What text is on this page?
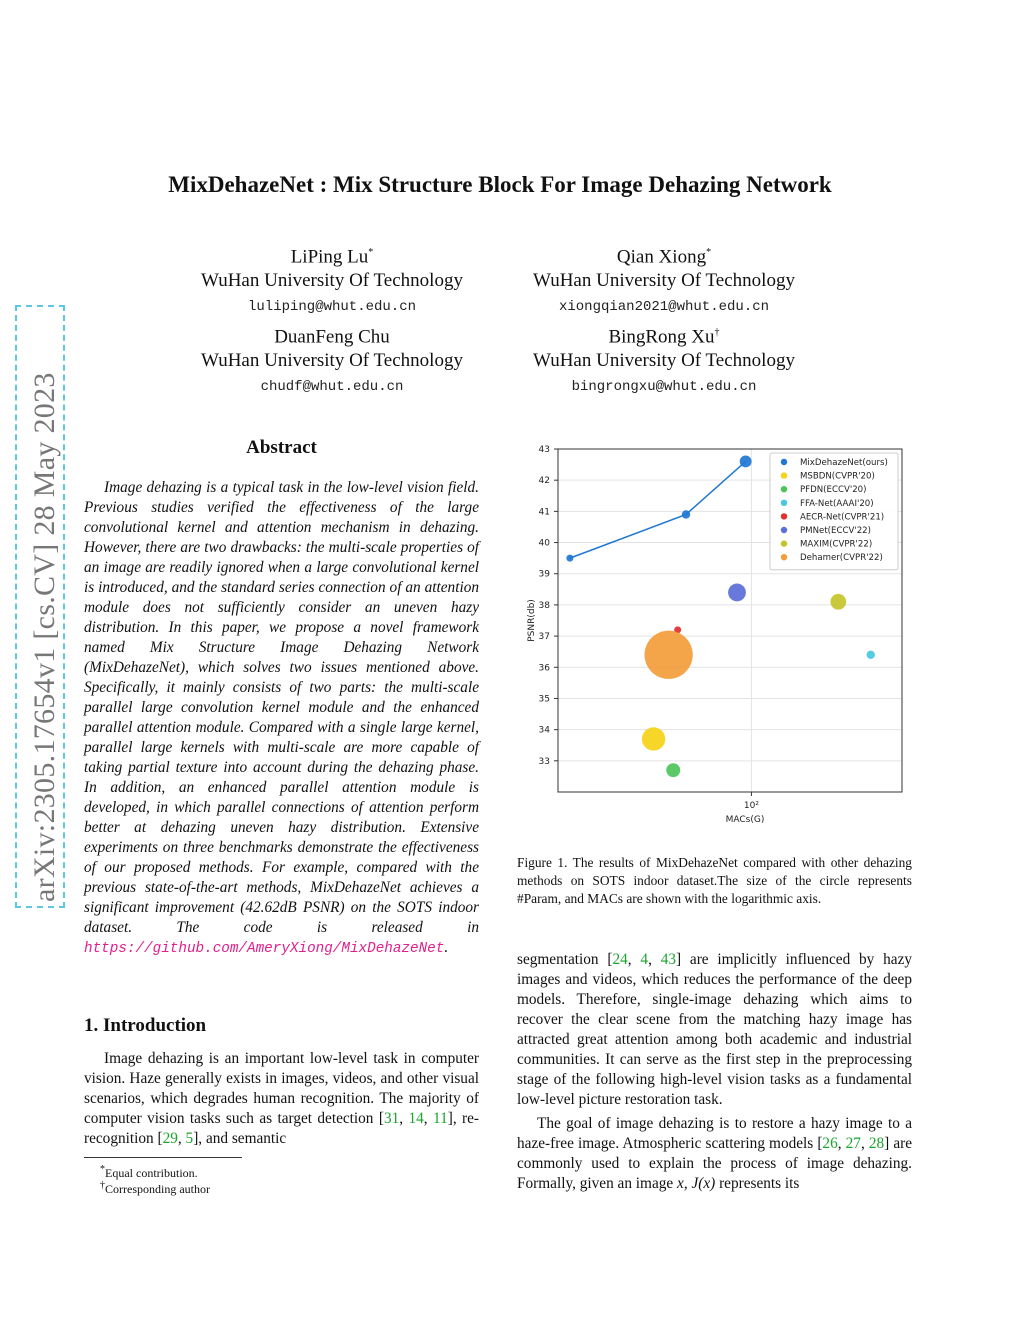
arXiv:2305.17654v1 [cs.CV] 28 May 2023
MixDehazeNet : Mix Structure Block For Image Dehazing Network
LiPing Lu*
WuHan University Of Technology
luliping@whut.edu.cn
Qian Xiong*
WuHan University Of Technology
xiongqian2021@whut.edu.cn
DuanFeng Chu
WuHan University Of Technology
chudf@whut.edu.cn
BingRong Xu†
WuHan University Of Technology
bingrongxu@whut.edu.cn
Abstract
Image dehazing is a typical task in the low-level vision field. Previous studies verified the effectiveness of the large convolutional kernel and attention mechanism in dehazing. However, there are two drawbacks: the multi-scale properties of an image are readily ignored when a large convolutional kernel is introduced, and the standard series connection of an attention module does not sufficiently consider an uneven hazy distribution. In this paper, we propose a novel framework named Mix Structure Image Dehazing Network (MixDehazeNet), which solves two issues mentioned above. Specifically, it mainly consists of two parts: the multi-scale parallel large convolution kernel module and the enhanced parallel attention module. Compared with a single large kernel, parallel large kernels with multi-scale are more capable of taking partial texture into account during the dehazing phase. In addition, an enhanced parallel attention module is developed, in which parallel connections of attention perform better at dehazing uneven hazy distribution. Extensive experiments on three benchmarks demonstrate the effectiveness of our proposed methods. For example, compared with the previous state-of-the-art methods, MixDehazeNet achieves a significant improvement (42.62dB PSNR) on the SOTS indoor dataset. The code is released in https://github.com/AmeryXiong/MixDehazeNet.
1. Introduction
Image dehazing is an important low-level task in computer vision. Haze generally exists in images, videos, and other visual scenarios, which degrades human recognition. The majority of computer vision tasks such as target detection [31, 14, 11], re-recognition [29, 5], and semantic
*Equal contribution.
†Corresponding author
33
34
35
36
37
38
39
40
41
42
43
10²
MACs(G)
PSNR(db)
MixDehazeNet(ours)
MSBDN(CVPR'20)
PFDN(ECCV'20)
FFA-Net(AAAI'20)
AECR-Net(CVPR'21)
PMNet(ECCV'22)
MAXIM(CVPR'22)
Dehamer(CVPR'22)
Figure 1. The results of MixDehazeNet compared with other dehazing methods on SOTS indoor dataset.The size of the circle represents #Param, and MACs are shown with the logarithmic axis.
segmentation [24, 4, 43] are implicitly influenced by hazy images and videos, which reduces the performance of the deep models. Therefore, single-image dehazing which aims to recover the clear scene from the matching hazy image has attracted great attention among both academic and industrial communities. It can serve as the first step in the preprocessing stage of the following high-level vision tasks as a fundamental low-level picture restoration task.
The goal of image dehazing is to restore a hazy image to a haze-free image. Atmospheric scattering models [26, 27, 28] are commonly used to explain the process of image dehazing. Formally, given an image x, J(x) represents its
